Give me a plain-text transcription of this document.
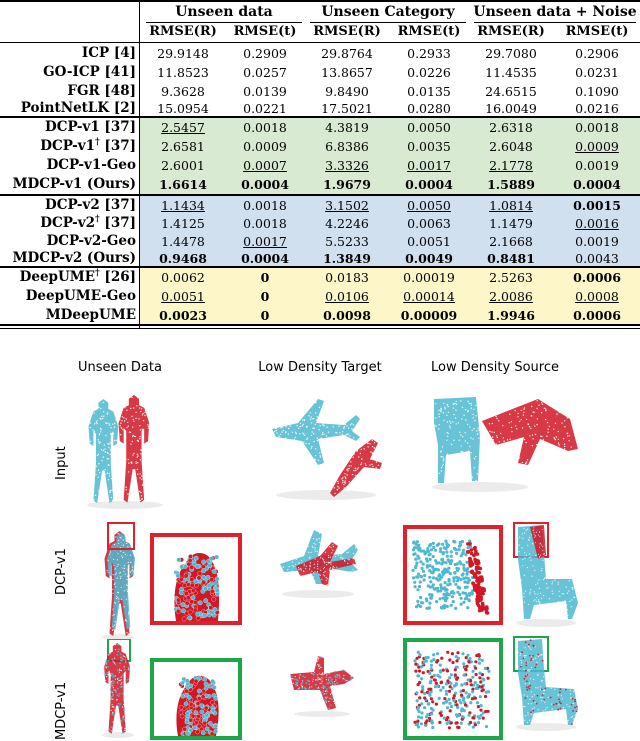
Unseen data	Unseen Category	Unseen data + Noise
RMSE(R)	RMSE(t)	RMSE(R)	RMSE(t)	RMSE(R)	RMSE(t)
ICP [4]	29.9148	0.2909	29.8764	0.2933	29.7080	0.2906
GO-ICP [41]	11.8523	0.0257	13.8657	0.0226	11.4535	0.0231
FGR [48]	9.3628	0.0139	9.8490	0.0135	24.6515	0.1090
PointNetLK [2]	15.0954	0.0221	17.5021	0.0280	16.0049	0.0216
DCP-v1 [37]	2.5457	0.0018	4.3819	0.0050	2.6318	0.0018
DCP-v1† [37]	2.6581	0.0009	6.8386	0.0035	2.6048	0.0009
DCP-v1-Geo	2.6001	0.0007	3.3326	0.0017	2.1778	0.0019
MDCP-v1 (Ours)	1.6614	0.0004	1.9679	0.0004	1.5889	0.0004
DCP-v2 [37]	1.1434	0.0018	3.1502	0.0050	1.0814	0.0015
DCP-v2† [37]	1.4125	0.0018	4.2246	0.0063	1.1479	0.0016
DCP-v2-Geo	1.4478	0.0017	5.5233	0.0051	2.1668	0.0019
MDCP-v2 (Ours)	0.9468	0.0004	1.3849	0.0049	0.8481	0.0043
DeepUME† [26]	0.0062	0	0.0183	0.00019	2.5263	0.0006
DeepUME-Geo	0.0051	0	0.0106	0.00014	2.0086	0.0008
MDeepUME	0.0023	0	0.0098	0.00009	1.9946	0.0006
Unseen Data	Low Density Target	Low Density Source
Input
DCP-v1
MDCP-v1
